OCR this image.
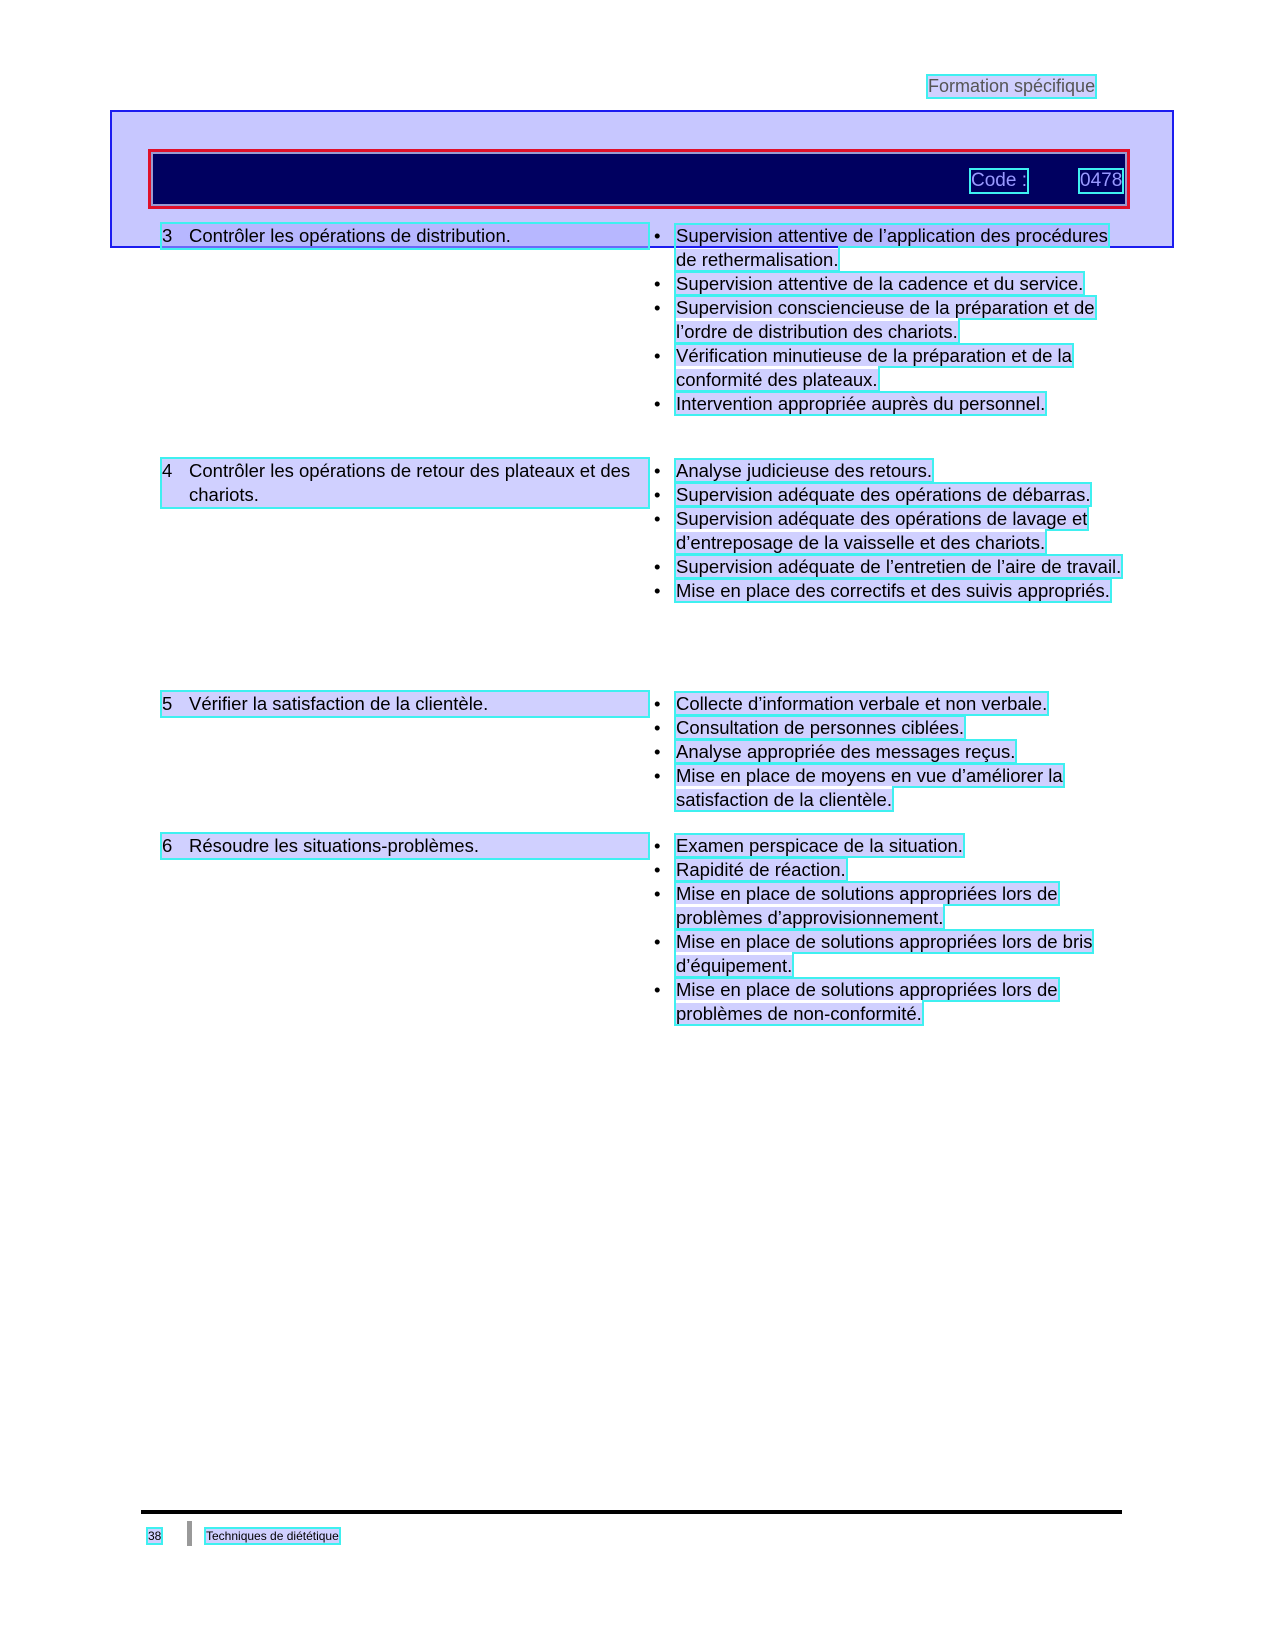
Formation spécifique
Code :	0478
3 Contrôler les opérations de distribution.	• Supervision attentive de l’application des procédures de rethermalisation.
• Supervision attentive de la cadence et du service.
• Supervision consciencieuse de la préparation et de l’ordre de distribution des chariots.
• Vérification minutieuse de la préparation et de la conformité des plateaux.
• Intervention appropriée auprès du personnel.
4 Contrôler les opérations de retour des plateaux et des chariots.
• Analyse judicieuse des retours.
• Supervision adéquate des opérations de débarras.
• Supervision adéquate des opérations de lavage et d’entreposage de la vaisselle et des chariots.
• Supervision adéquate de l’entretien de l’aire de travail.
• Mise en place des correctifs et des suivis appropriés.
5 Vérifier la satisfaction de la clientèle.	• Collecte d’information verbale et non verbale.
• Consultation de personnes ciblées.
• Analyse appropriée des messages reçus.
• Mise en place de moyens en vue d’améliorer la satisfaction de la clientèle.
6 Résoudre les situations-problèmes.	• Examen perspicace de la situation.
• Rapidité de réaction.
• Mise en place de solutions appropriées lors de problèmes d’approvisionnement.
• Mise en place de solutions appropriées lors de bris d’équipement.
• Mise en place de solutions appropriées lors de problèmes de non-conformité.
38	Techniques de diététique
